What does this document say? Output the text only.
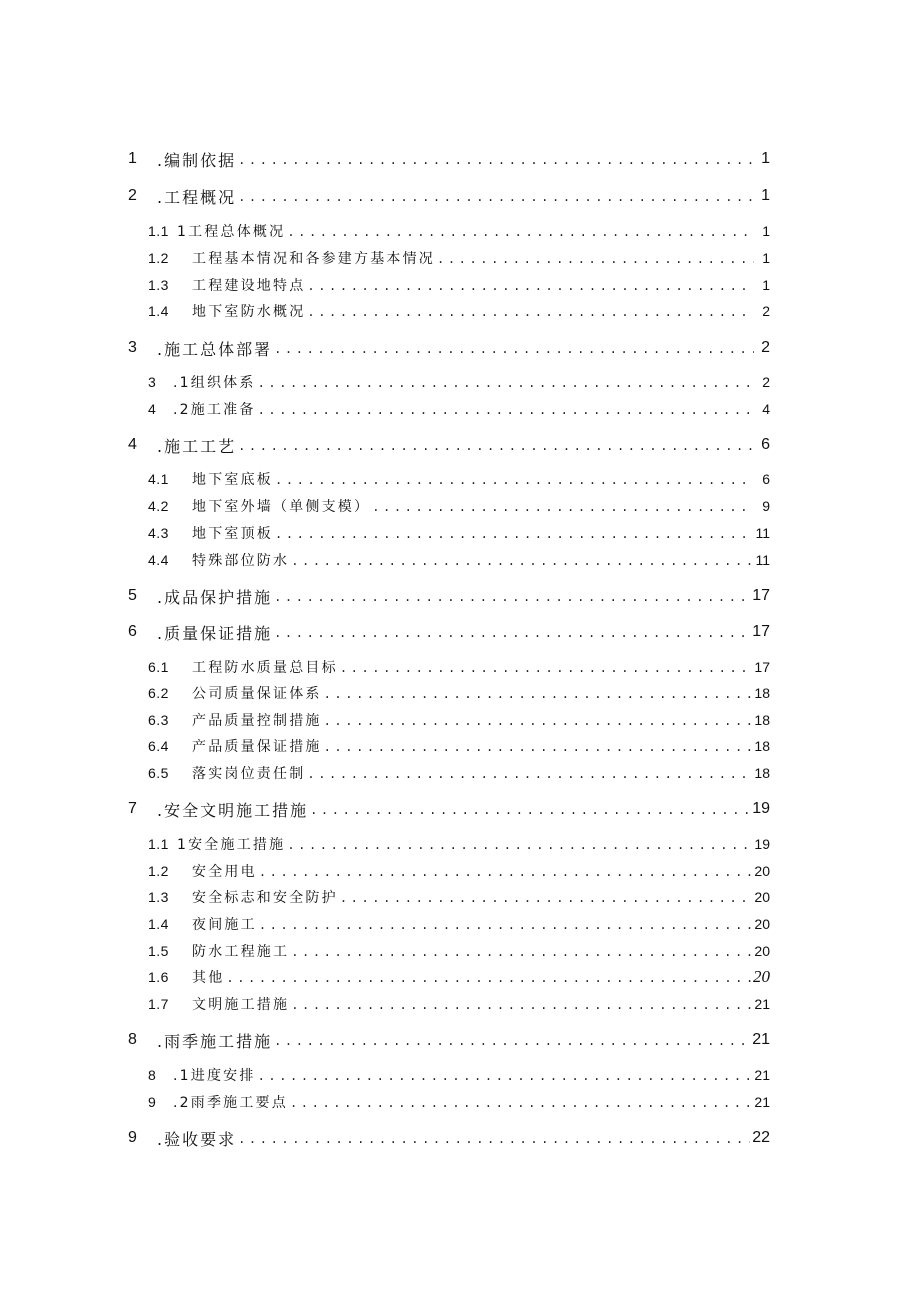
1	.编制依据 .....	1
2	.工程概况 .....	1
1.1 1工程总体概况 .....	1
1.2	工程基本情况和各参建方基本情况 .....	1
1.3	工程建设地特点 .....	1
1.4	地下室防水概况 .....	2
3	.施工总体部署 .....	2
3	.1组织体系 .....	2
4	.2施工准备 .....	4
4	.施工工艺 .....	6
4.1	地下室底板 .....	6
4.2	地下室外墙（单侧支模） .....	9
4.3	地下室顶板 .....	11
4.4	特殊部位防水 .....	11
5	.成品保护措施 .....	17
6	.质量保证措施 .....	17
6.1	工程防水质量总目标 .....	17
6.2	公司质量保证体系 .....	18
6.3	产品质量控制措施 .....	18
6.4	产品质量保证措施 .....	18
6.5	落实岗位责任制 .....	18
7	.安全文明施工措施 .....	19
1.1 1安全施工措施 .....	19
1.2	安全用电 .....	20
1.3	安全标志和安全防护 .....	20
1.4	夜间施工 .....	20
1.5	防水工程施工 .....	20
1.6	其他 .....	20
1.7	文明施工措施 .....	21
8	.雨季施工措施 .....	21
8	.1进度安排 .....	21
9	.2雨季施工要点 .....	21
9	.验收要求 .....	22
